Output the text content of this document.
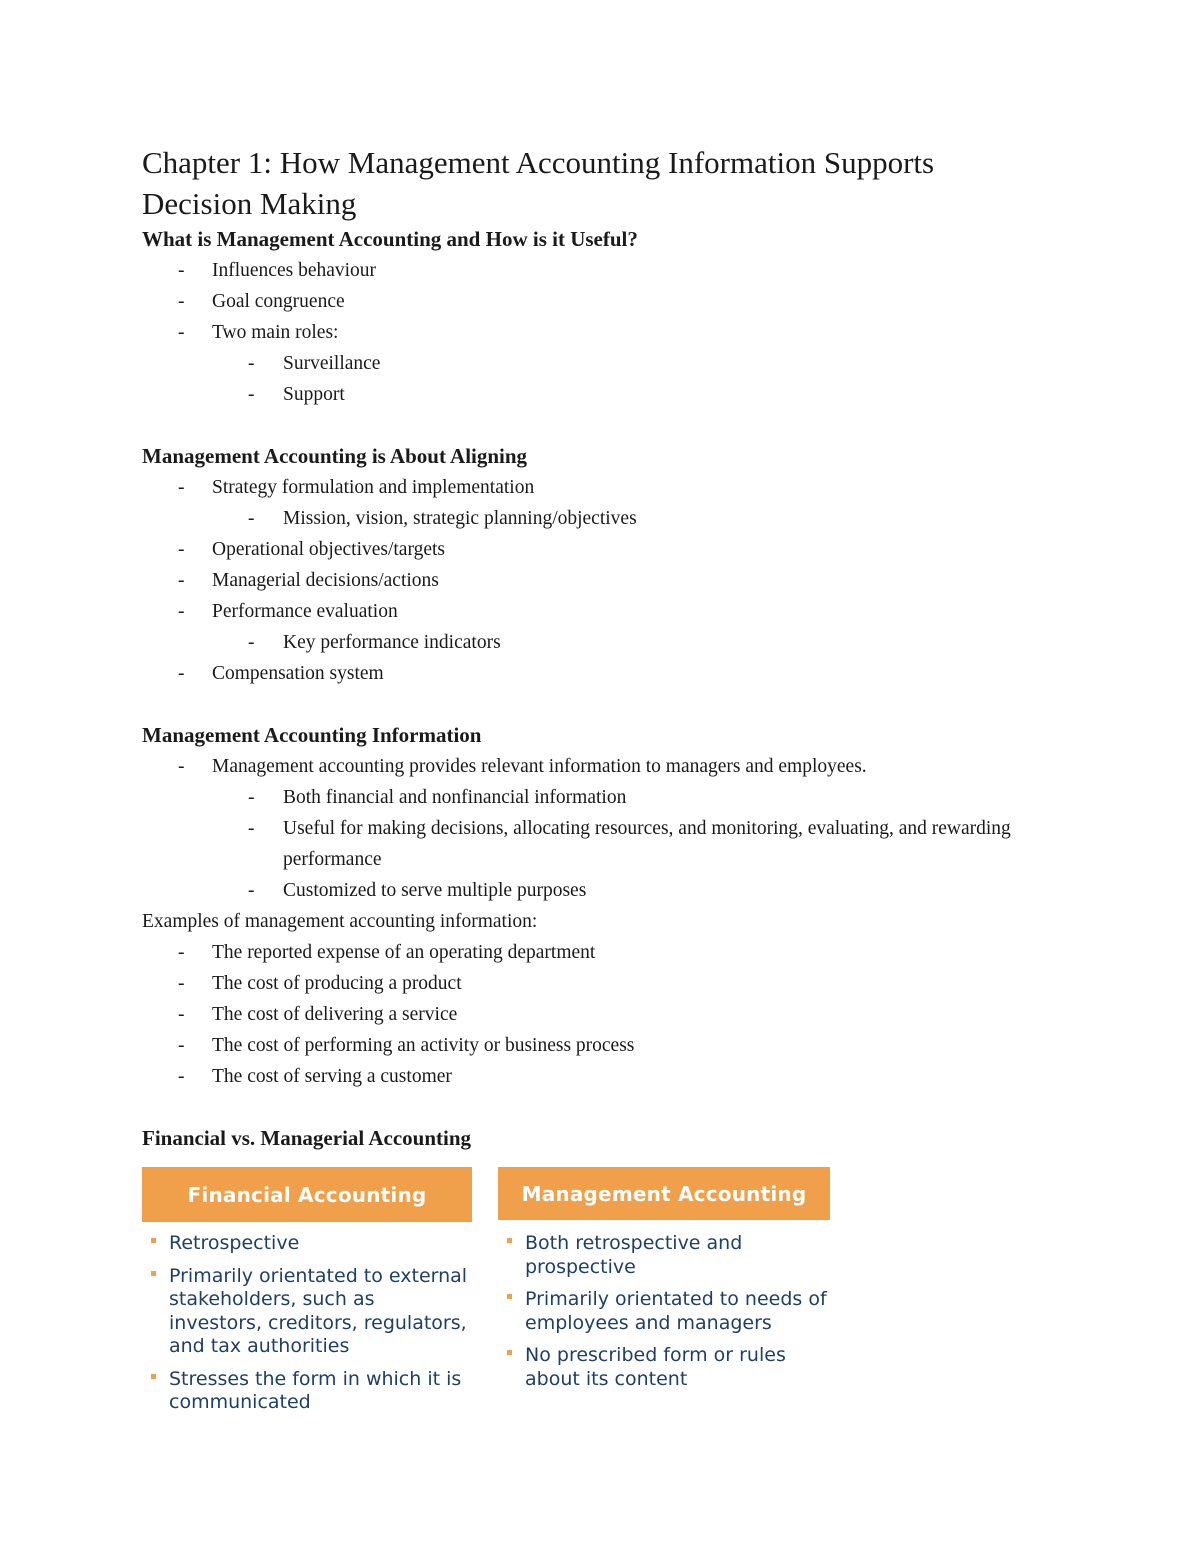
Chapter 1: How Management Accounting Information Supports Decision Making

What is Management Accounting and How is it Useful?

- Influences behaviour
- Goal congruence
- Two main roles:
- Surveillance
- Support

Management Accounting is About Aligning

- Strategy formulation and implementation
- Mission, vision, strategic planning/objectives
- Operational objectives/targets
- Managerial decisions/actions
- Performance evaluation
- Key performance indicators
- Compensation system

Management Accounting Information

- Management accounting provides relevant information to managers and employees.
- Both financial and nonfinancial information
- Useful for making decisions, allocating resources, and monitoring, evaluating, and rewarding performance
- Customized to serve multiple purposes

Examples of management accounting information:

- The reported expense of an operating department
- The cost of producing a product
- The cost of delivering a service
- The cost of performing an activity or business process
- The cost of serving a customer

Financial vs. Managerial Accounting

Financial Accounting
Retrospective
Primarily orientated to external stakeholders, such as investors, creditors, regulators, and tax authorities
Stresses the form in which it is communicated
Management Accounting
Both retrospective and prospective
Primarily orientated to needs of employees and managers
No prescribed form or rules about its content
